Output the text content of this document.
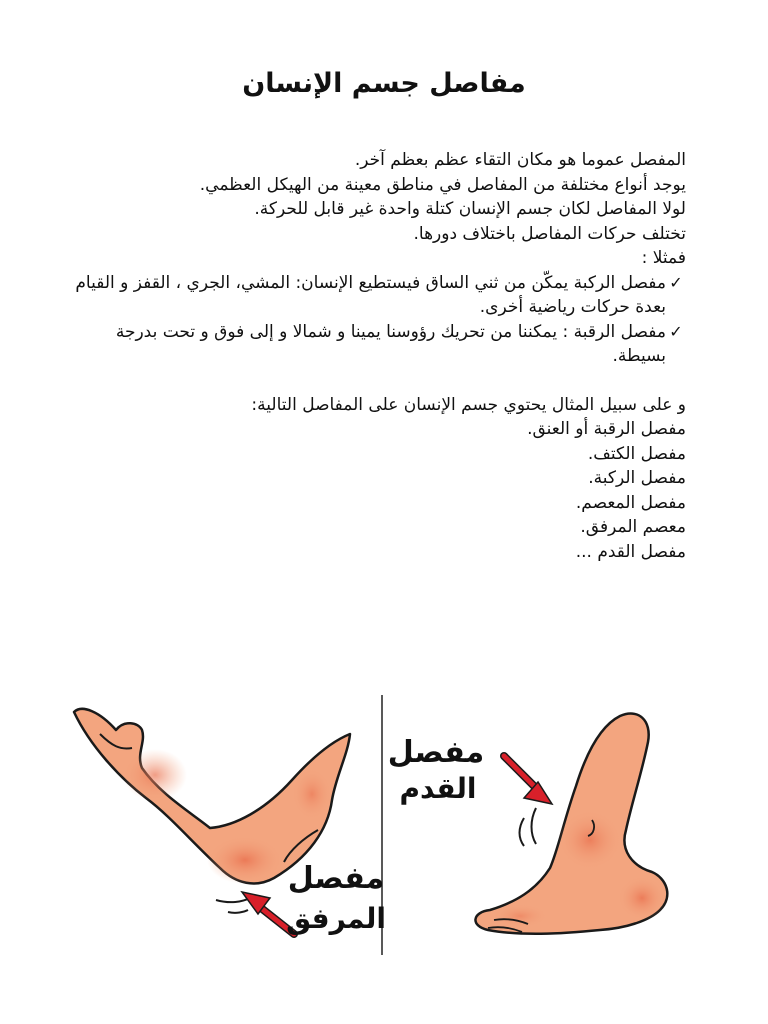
مفاصل جسم الإنسان
المفصل عموما هو مكان التقاء عظم بعظم آخر.
يوجد أنواع مختلفة من المفاصل في مناطق معينة من الهيكل العظمي.
لولا المفاصل لكان جسم الإنسان كتلة واحدة غير قابل للحركة.
تختلف حركات المفاصل باختلاف دورها.
فمثلا :
✓
مفصل الركبة يمكّن من ثني الساق فيستطيع الإنسان: المشي، الجري ، القفز و القيام بعدة حركات رياضية أخرى.
✓
مفصل الرقبة : يمكننا من تحريك رؤوسنا يمينا و شمالا و إلى فوق و تحت بدرجة بسيطة.
و على سبيل المثال يحتوي جسم الإنسان على المفاصل التالية:
مفصل الرقبة أو العنق.
مفصل الكتف.
مفصل الركبة.
مفصل المعصم.
معصم المرفق.
مفصل القدم ...
مفصل
المرفق
مفصل
القدم
